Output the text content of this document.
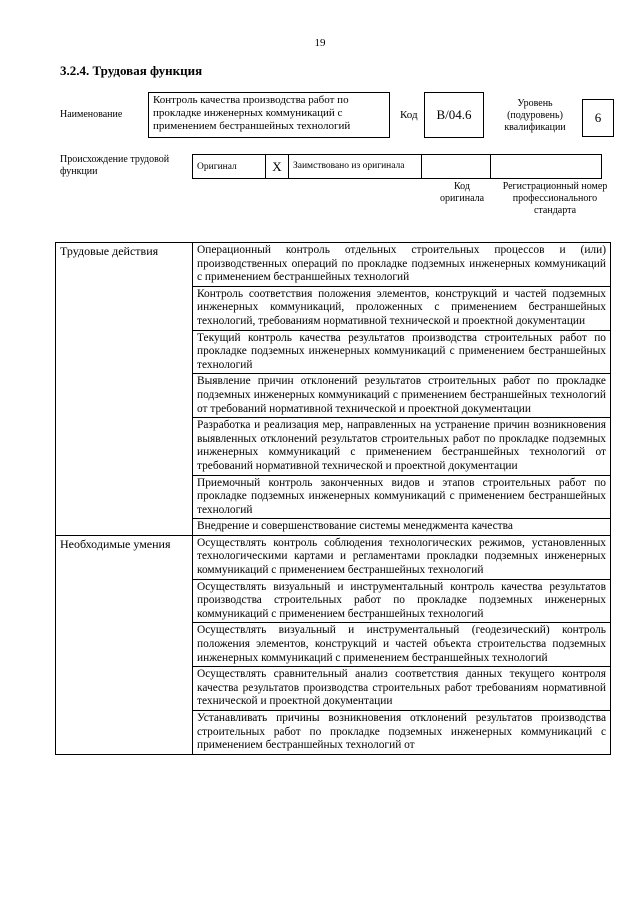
19
3.2.4. Трудовая функция
Наименование
Контроль качества производства работ по прокладке инженерных коммуникаций с применением бестраншейных технологий
Код	B/04.6
Уровень (подуровень) квалификации
6
Происхождение трудовой функции	Оригинал	X	Заимствовано из оригинала		
Код оригинала
Регистрационный номер профессионального стандарта
Трудовые действия	Операционный контроль отдельных строительных процессов и (или) производственных операций по прокладке подземных инженерных коммуникаций с применением бестраншейных технологий
	Контроль соответствия положения элементов, конструкций и частей подземных инженерных коммуникаций, проложенных с применением бестраншейных технологий, требованиям нормативной технической и проектной документации
	Текущий контроль качества результатов производства строительных работ по прокладке подземных инженерных коммуникаций с применением бестраншейных технологий
	Выявление причин отклонений результатов строительных работ по прокладке подземных инженерных коммуникаций с применением бестраншейных технологий от требований нормативной технической и проектной документации
	Разработка и реализация мер, направленных на устранение причин возникновения выявленных отклонений результатов строительных работ по прокладке подземных инженерных коммуникаций с применением бестраншейных технологий от требований нормативной технической и проектной документации
	Приемочный контроль законченных видов и этапов строительных работ по прокладке подземных инженерных коммуникаций с применением бестраншейных технологий
	Внедрение и совершенствование системы менеджмента качества
Необходимые умения	Осуществлять контроль соблюдения технологических режимов, установленных технологическими картами и регламентами прокладки подземных инженерных коммуникаций с применением бестраншейных технологий
	Осуществлять визуальный и инструментальный контроль качества результатов производства строительных работ по прокладке подземных инженерных коммуникаций с применением бестраншейных технологий
	Осуществлять визуальный и инструментальный (геодезический) контроль положения элементов, конструкций и частей объекта строительства подземных инженерных коммуникаций с применением бестраншейных технологий
	Осуществлять сравнительный анализ соответствия данных текущего контроля качества результатов производства строительных работ требованиям нормативной технической и проектной документации
	Устанавливать причины возникновения отклонений результатов производства строительных работ по прокладке подземных инженерных коммуникаций с применением бестраншейных технологий от
